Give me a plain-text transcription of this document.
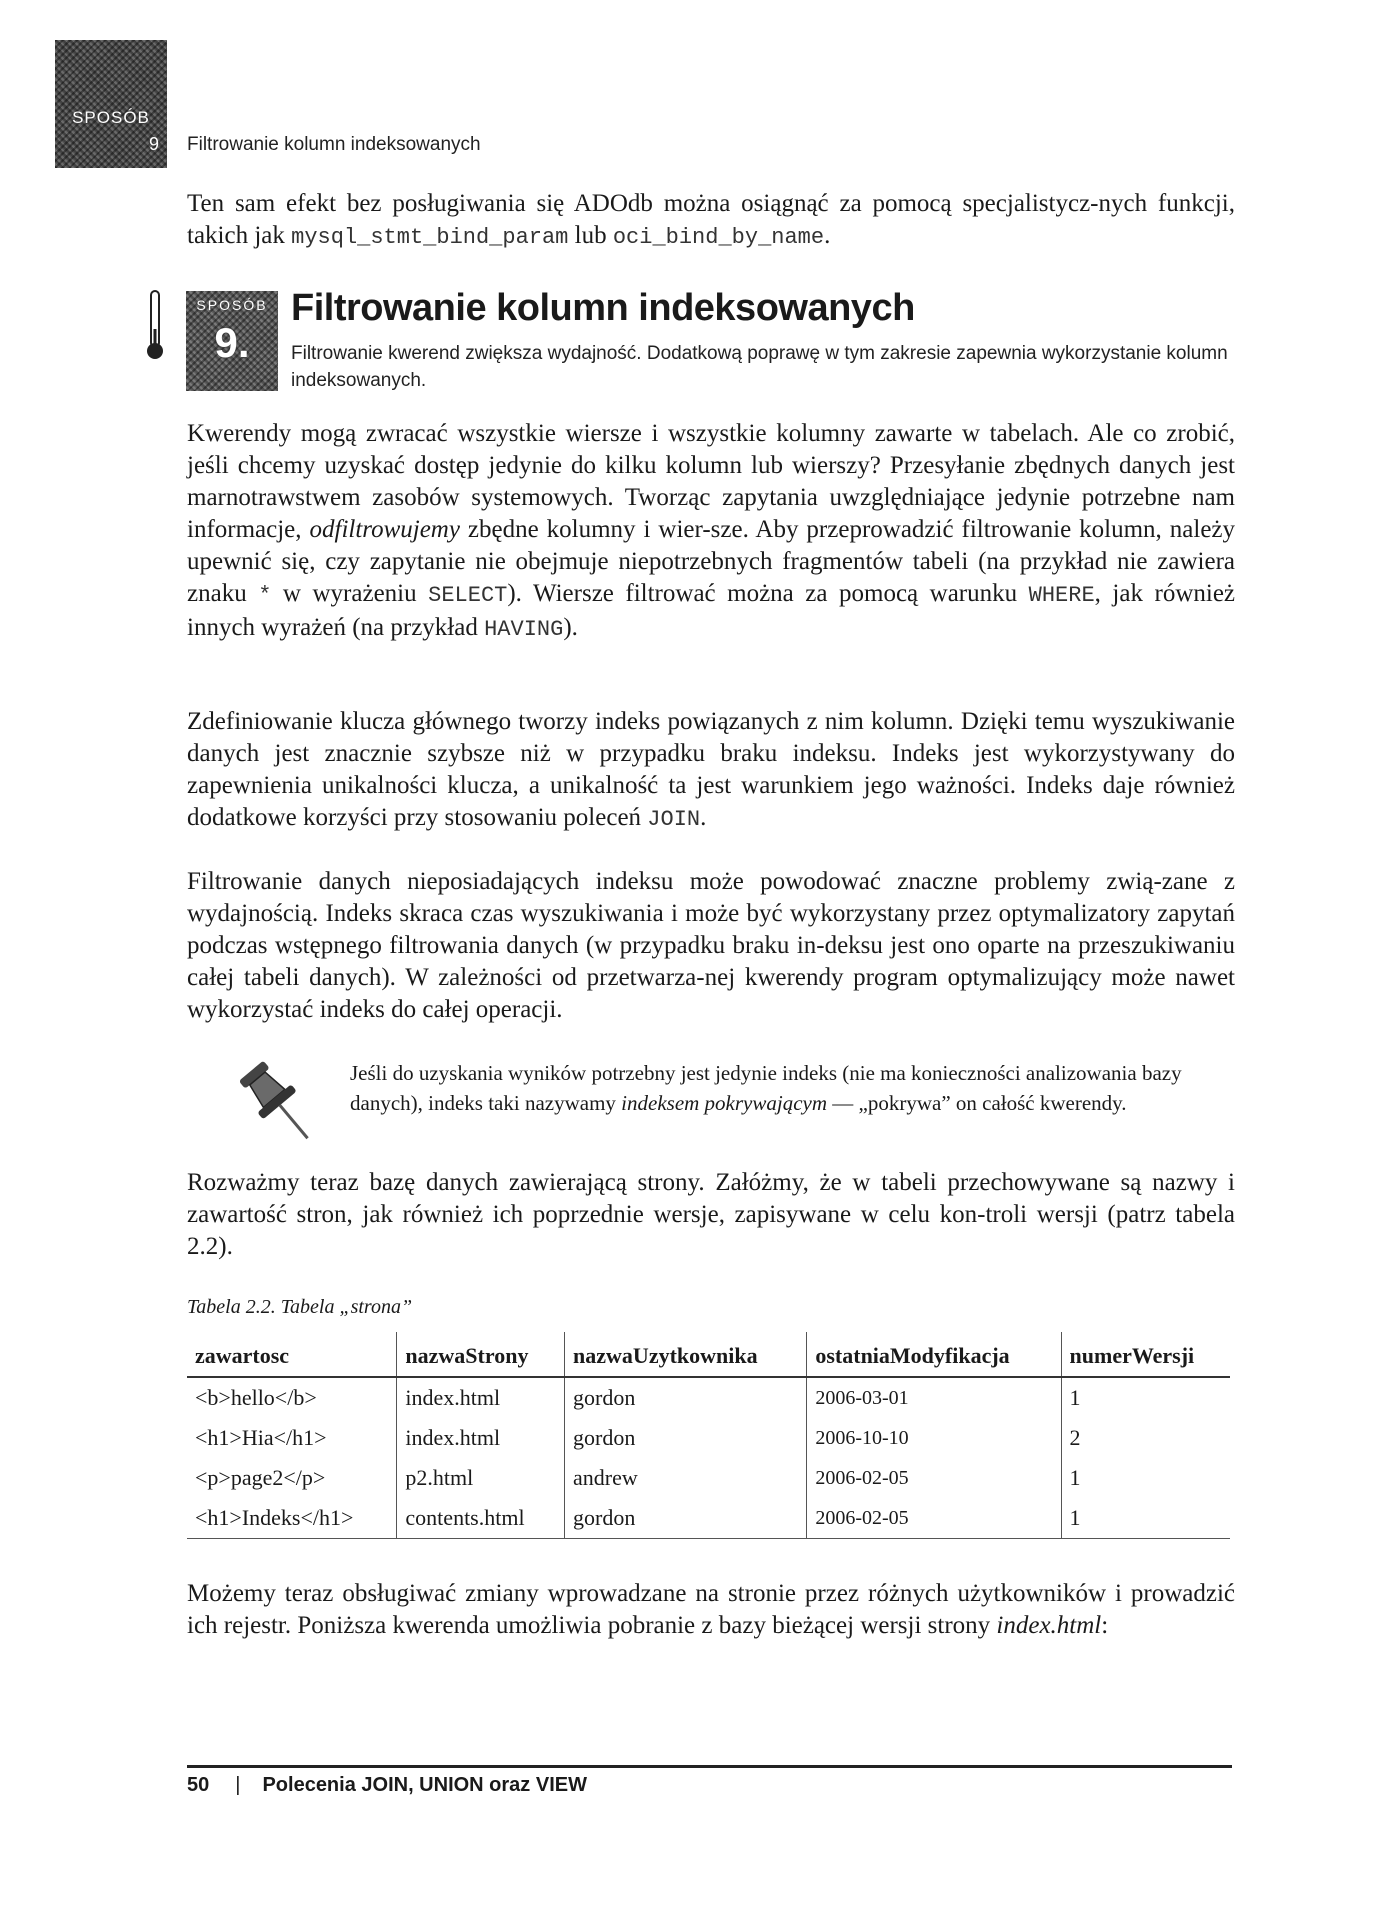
SPOSÓB
9 Filtrowanie kolumn indeksowanych

Ten sam efekt bez posługiwania się ADOdb można osiągnąć za pomocą specjalistycz-nych funkcji, takich jak mysql_stmt_bind_param lub oci_bind_by_name.

SPOSÓB
9.
Filtrowanie kolumn indeksowanych
Filtrowanie kwerend zwiększa wydajność. Dodatkową poprawę w tym zakresie zapewnia wykorzystanie kolumn indeksowanych.

Kwerendy mogą zwracać wszystkie wiersze i wszystkie kolumny zawarte w tabelach. Ale co zrobić, jeśli chcemy uzyskać dostęp jedynie do kilku kolumn lub wierszy? Przesyłanie zbędnych danych jest marnotrawstwem zasobów systemowych. Tworząc zapytania uwzględniające jedynie potrzebne nam informacje, odfiltrowujemy zbędne kolumny i wier-sze. Aby przeprowadzić filtrowanie kolumn, należy upewnić się, czy zapytanie nie obejmuje niepotrzebnych fragmentów tabeli (na przykład nie zawiera znaku * w wyrażeniu SELECT). Wiersze filtrować można za pomocą warunku WHERE, jak również innych wyrażeń (na przykład HAVING).

Zdefiniowanie klucza głównego tworzy indeks powiązanych z nim kolumn. Dzięki temu wyszukiwanie danych jest znacznie szybsze niż w przypadku braku indeksu. Indeks jest wykorzystywany do zapewnienia unikalności klucza, a unikalność ta jest warunkiem jego ważności. Indeks daje również dodatkowe korzyści przy stosowaniu poleceń JOIN.

Filtrowanie danych nieposiadających indeksu może powodować znaczne problemy zwią-zane z wydajnością. Indeks skraca czas wyszukiwania i może być wykorzystany przez optymalizatory zapytań podczas wstępnego filtrowania danych (w przypadku braku in-deksu jest ono oparte na przeszukiwaniu całej tabeli danych). W zależności od przetwarza-nej kwerendy program optymalizujący może nawet wykorzystać indeks do całej operacji.

Jeśli do uzyskania wyników potrzebny jest jedynie indeks (nie ma konieczności analizowania bazy danych), indeks taki nazywamy indeksem pokrywającym — „pokrywa” on całość kwerendy.

Rozważmy teraz bazę danych zawierającą strony. Załóżmy, że w tabeli przechowywane są nazwy i zawartość stron, jak również ich poprzednie wersje, zapisywane w celu kon-troli wersji (patrz tabela 2.2).

Tabela 2.2. Tabela „strona”
zawartosc	nazwaStrony	nazwaUzytkownika	ostatniaModyfikacja	numerWersji
<b>hello</b>	index.html	gordon	2006-03-01	1
<h1>Hia</h1>	index.html	gordon	2006-10-10	2
<p>page2</p>	p2.html	andrew	2006-02-05	1
<h1>Indeks</h1>	contents.html	gordon	2006-02-05	1

Możemy teraz obsługiwać zmiany wprowadzane na stronie przez różnych użytkowników i prowadzić ich rejestr. Poniższa kwerenda umożliwia pobranie z bazy bieżącej wersji strony index.html:

50 | Polecenia JOIN, UNION oraz VIEW
